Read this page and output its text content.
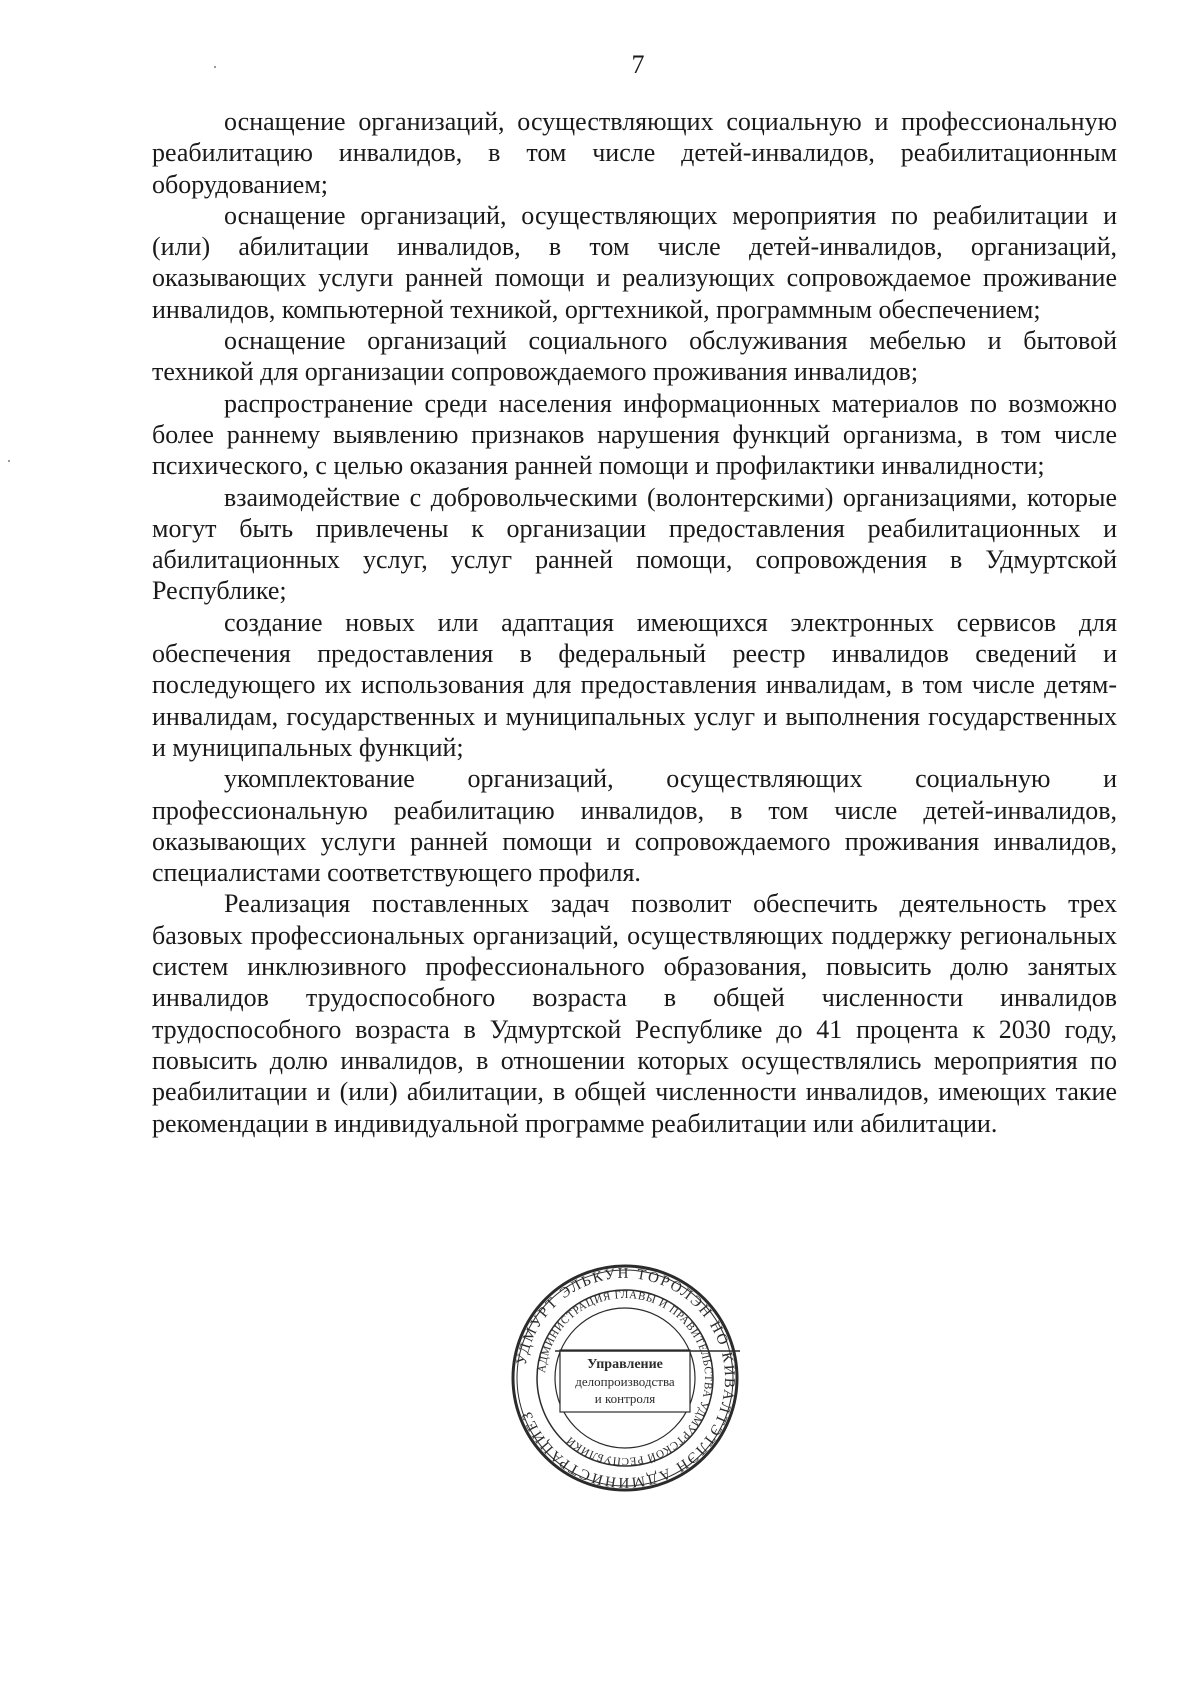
7

оснащение организаций, осуществляющих социальную и профессиональную реабилитацию инвалидов, в том числе детей-инвалидов, реабилитационным оборудованием;

оснащение организаций, осуществляющих мероприятия по реабилитации и (или) абилитации инвалидов, в том числе детей-инвалидов, организаций, оказывающих услуги ранней помощи и реализующих сопровождаемое проживание инвалидов, компьютерной техникой, оргтехникой, программным обеспечением;

оснащение организаций социального обслуживания мебелью и бытовой техникой для организации сопровождаемого проживания инвалидов;

распространение среди населения информационных материалов по возможно более раннему выявлению признаков нарушения функций организма, в том числе психического, с целью оказания ранней помощи и профилактики инвалидности;

взаимодействие с добровольческими (волонтерскими) организациями, которые могут быть привлечены к организации предоставления реабилитационных и абилитационных услуг, услуг ранней помощи, сопровождения в Удмуртской Республике;

создание новых или адаптация имеющихся электронных сервисов для обеспечения предоставления в федеральный реестр инвалидов сведений и последующего их использования для предоставления инвалидам, в том числе детям-инвалидам, государственных и муниципальных услуг и выполнения государственных и муниципальных функций;

укомплектование организаций, осуществляющих социальную и профессиональную реабилитацию инвалидов, в том числе детей-инвалидов, оказывающих услуги ранней помощи и сопровождаемого проживания инвалидов, специалистами соответствующего профиля.

Реализация поставленных задач позволит обеспечить деятельность трех базовых профессиональных организаций, осуществляющих поддержку региональных систем инклюзивного профессионального образования, повысить долю занятых инвалидов трудоспособного возраста в общей численности инвалидов трудоспособного возраста в Удмуртской Республике до 41 процента к 2030 году, повысить долю инвалидов, в отношении которых осуществлялись мероприятия по реабилитации и (или) абилитации, в общей численности инвалидов, имеющих такие рекомендации в индивидуальной программе реабилитации или абилитации.

УДМУРТ ЭЛЬКУН ТОРОЛЭН НО КИВАЛТЭТЛЭН АДМИНИСТРАЦИЕЗ
АДМИНИСТРАЦИЯ ГЛАВЫ И ПРАВИТЕЛЬСТВА УДМУРТСКОЙ РЕСПУБЛИКИ
Управление
делопроизводства
и контроля
